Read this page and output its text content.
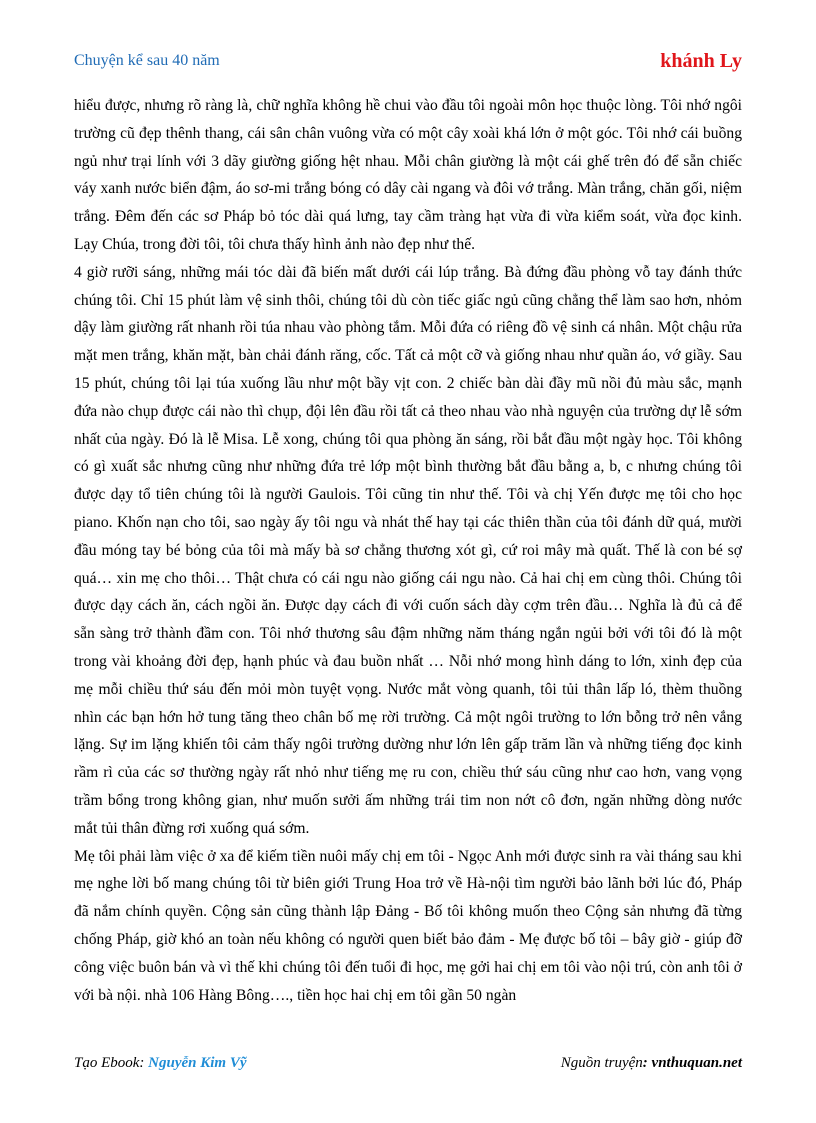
Chuyện kể sau 40 năm	khánh Ly

hiểu được, nhưng rõ ràng là, chữ nghĩa không hề chui vào đầu tôi ngoài môn học thuộc lòng. Tôi nhớ ngôi trường cũ đẹp thênh thang, cái sân chân vuông vừa có một cây xoài khá lớn ở một góc. Tôi nhớ cái buồng ngủ như trại lính với 3 dãy giường giống hệt nhau. Mỗi chân giường là một cái ghế trên đó để sẵn chiếc váy xanh nước biển đậm, áo sơ-mi trắng bóng có dây cài ngang và đôi vớ trắng. Màn trắng, chăn gối, niệm trắng. Đêm đến các sơ Pháp bỏ tóc dài quá lưng, tay cầm tràng hạt vừa đi vừa kiểm soát, vừa đọc kinh. Lạy Chúa, trong đời tôi, tôi chưa thấy hình ảnh nào đẹp như thế.

4 giờ rưỡi sáng, những mái tóc dài đã biến mất dưới cái lúp trắng. Bà đứng đầu phòng vỗ tay đánh thức chúng tôi. Chỉ 15 phút làm vệ sinh thôi, chúng tôi dù còn tiếc giấc ngủ cũng chẳng thể làm sao hơn, nhỏm dậy làm giường rất nhanh rồi túa nhau vào phòng tắm. Mỗi đứa có riêng đồ vệ sinh cá nhân. Một chậu rửa mặt men trắng, khăn mặt, bàn chải đánh răng, cốc. Tất cả một cỡ và giống nhau như quần áo, vớ giầy. Sau 15 phút, chúng tôi lại túa xuống lầu như một bầy vịt con. 2 chiếc bàn dài đầy mũ nồi đủ màu sắc, mạnh đứa nào chụp được cái nào thì chụp, đội lên đầu rồi tất cả theo nhau vào nhà nguyện của trường dự lễ sớm nhất của ngày. Đó là lễ Misa. Lễ xong, chúng tôi qua phòng ăn sáng, rồi bắt đầu một ngày học. Tôi không có gì xuất sắc nhưng cũng như những đứa trẻ lớp một bình thường bắt đầu bằng a, b, c nhưng chúng tôi được dạy tổ tiên chúng tôi là người Gaulois. Tôi cũng tin như thế. Tôi và chị Yến được mẹ tôi cho học piano. Khốn nạn cho tôi, sao ngày ấy tôi ngu và nhát thế hay tại các thiên thần của tôi đánh dữ quá, mười đầu móng tay bé bỏng của tôi mà mấy bà sơ chẳng thương xót gì, cứ roi mây mà quất. Thế là con bé sợ quá… xin mẹ cho thôi… Thật chưa có cái ngu nào giống cái ngu nào. Cả hai chị em cùng thôi. Chúng tôi được dạy cách ăn, cách ngồi ăn. Được dạy cách đi với cuốn sách dày cợm trên đầu… Nghĩa là đủ cả để sẵn sàng trở thành đầm con. Tôi nhớ thương sâu đậm những năm tháng ngắn ngủi bởi với tôi đó là một trong vài khoảng đời đẹp, hạnh phúc và đau buồn nhất … Nỗi nhớ mong hình dáng to lớn, xinh đẹp của mẹ mỗi chiều thứ sáu đến mỏi mòn tuyệt vọng. Nước mắt vòng quanh, tôi tủi thân lấp ló, thèm thuồng nhìn các bạn hớn hở tung tăng theo chân bố mẹ rời trường. Cả một ngôi trường to lớn bỗng trở nên vắng lặng. Sự im lặng khiến tôi cảm thấy ngôi trường dường như lớn lên gấp trăm lần và những tiếng đọc kinh rầm rì của các sơ thường ngày rất nhỏ như tiếng mẹ ru con, chiều thứ sáu cũng như cao hơn, vang vọng trầm bổng trong không gian, như muốn sưởi ấm những trái tim non nớt cô đơn, ngăn những dòng nước mắt tủi thân đừng rơi xuống quá sớm.

Mẹ tôi phải làm việc ở xa để kiếm tiền nuôi mấy chị em tôi - Ngọc Anh mới được sinh ra vài tháng sau khi mẹ nghe lời bố mang chúng tôi từ biên giới Trung Hoa trở về Hà-nội tìm người bảo lãnh bởi lúc đó, Pháp đã nắm chính quyền. Cộng sản cũng thành lập Đảng - Bố tôi không muốn theo Cộng sản nhưng đã từng chống Pháp, giờ khó an toàn nếu không có người quen biết bảo đảm - Mẹ được bố tôi – bây giờ - giúp đỡ công việc buôn bán và vì thế khi chúng tôi đến tuổi đi học, mẹ gởi hai chị em tôi vào nội trú, còn anh tôi ở với bà nội. nhà 106 Hàng Bông…., tiền học hai chị em tôi gần 50 ngàn

Tạo Ebook: Nguyễn Kim Vỹ	Nguồn truyện: vnthuquan.net
